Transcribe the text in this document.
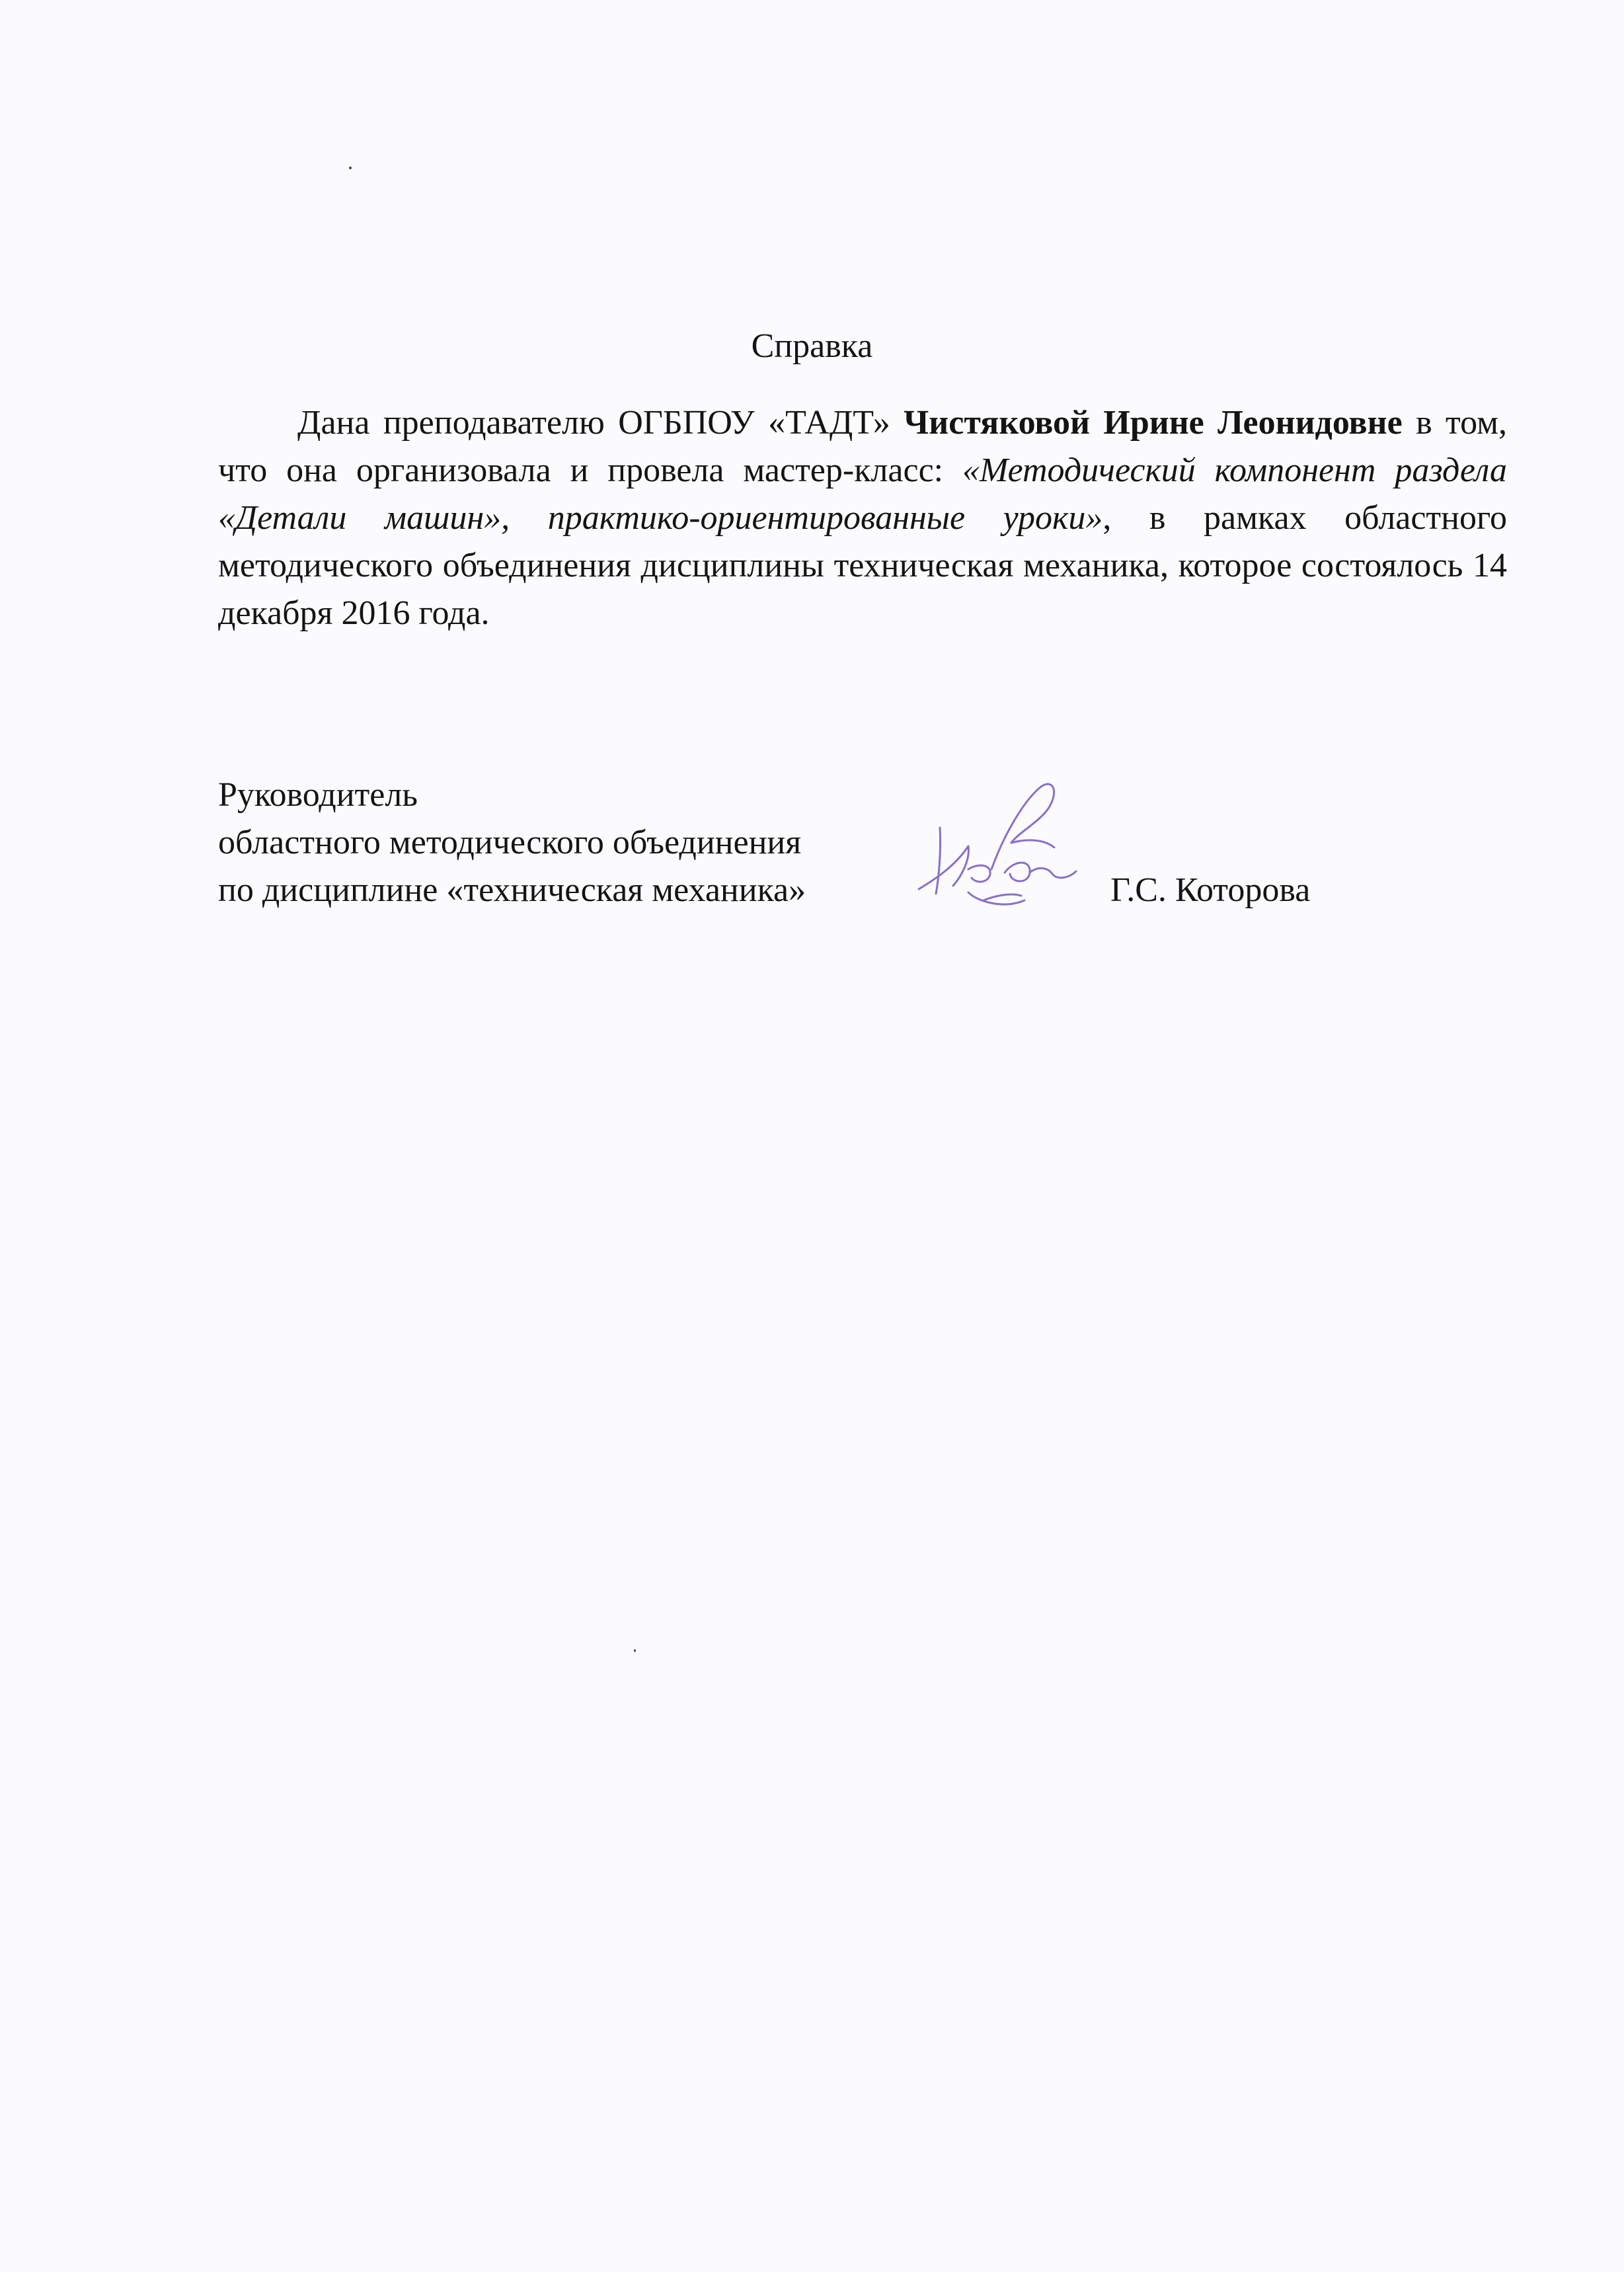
Справка

Дана преподавателю ОГБПОУ «ТАДТ» Чистяковой Ирине Леонидовне в том, что она организовала и провела мастер-класс: «Методический компонент раздела «Детали машин», практико-ориентированные уроки», в рамках областного методического объединения дисциплины техническая механика, которое состоялось 14 декабря 2016 года.

Руководитель
областного методического объединения
по дисциплине «техническая механика»	Г.С. Которова
